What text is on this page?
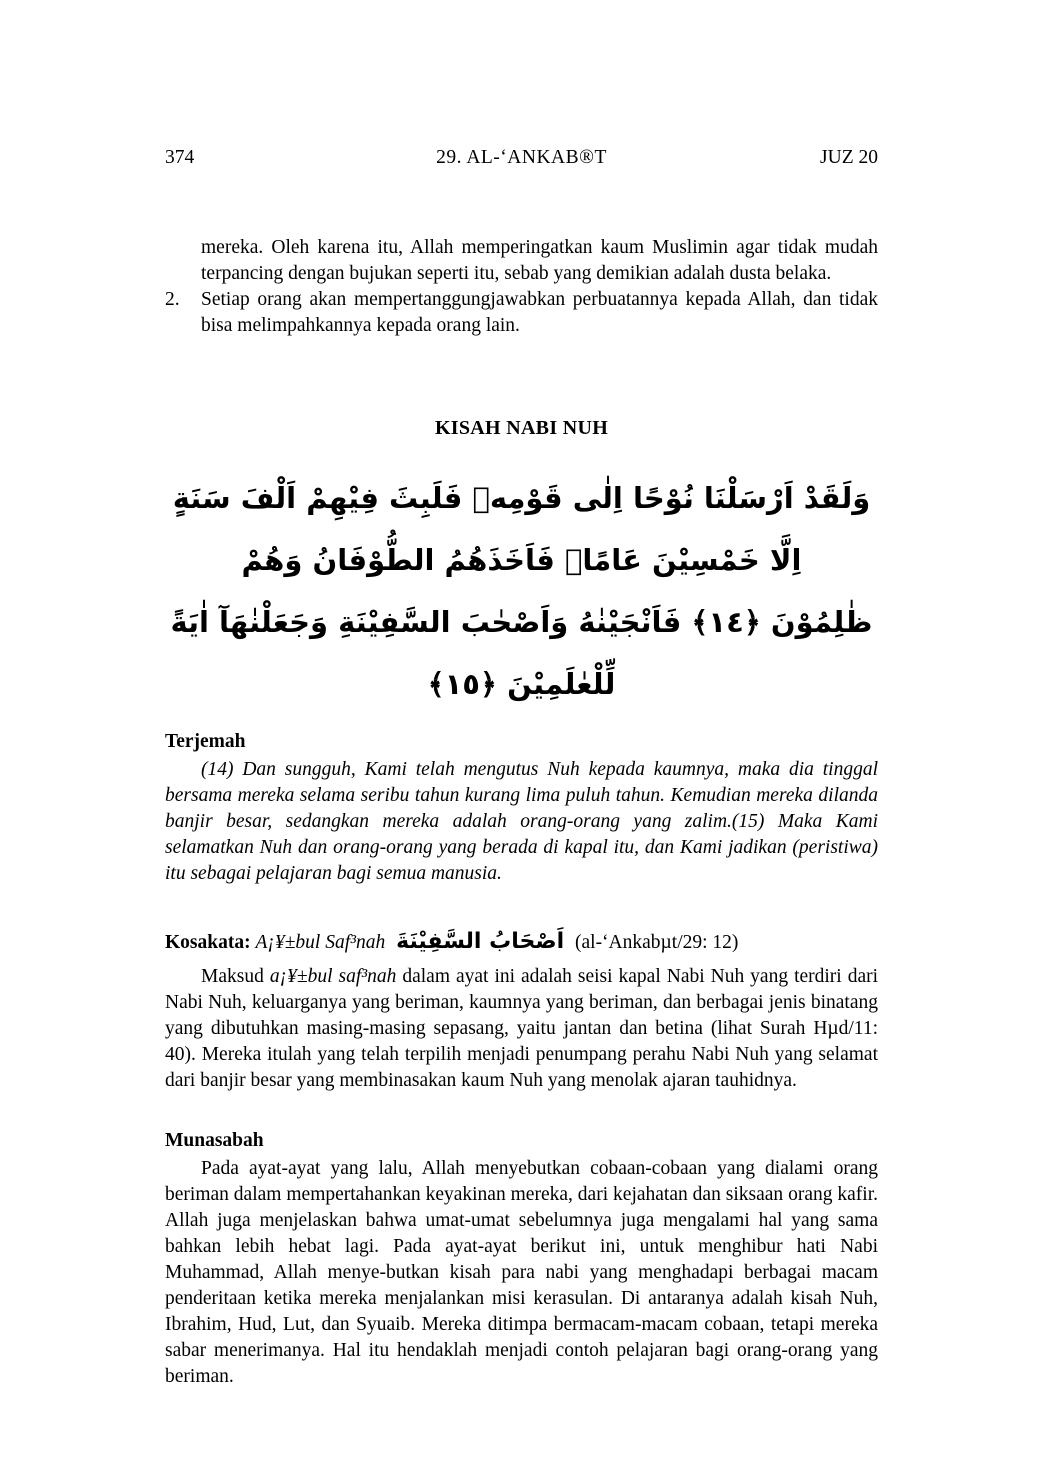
374	29. AL-‘ANKAB®T	JUZ 20
mereka. Oleh karena itu, Allah memperingatkan kaum Muslimin agar tidak mudah terpancing dengan bujukan seperti itu, sebab yang demikian adalah dusta belaka.
2. Setiap orang akan mempertanggungjawabkan perbuatannya kepada Allah, dan tidak bisa melimpahkannya kepada orang lain.
KISAH NABI NUH
وَلَقَدْ اَرْسَلْنَا نُوْحًا اِلٰى قَوْمِهٖ فَلَبِثَ فِيْهِمْ اَلْفَ سَنَةٍ اِلَّا خَمْسِيْنَ عَامًاۗ فَاَخَذَهُمُ الطُّوْفَانُ وَهُمْ
ظٰلِمُوْنَ ﴿١٤﴾ فَاَنْجَيْنٰهُ وَاَصْحٰبَ السَّفِيْنَةِ وَجَعَلْنٰهَآ اٰيَةً لِّلْعٰلَمِيْنَ ﴿١٥﴾
Terjemah

(14) Dan sungguh, Kami telah mengutus Nuh kepada kaumnya, maka dia tinggal bersama mereka selama seribu tahun kurang lima puluh tahun. Kemudian mereka dilanda banjir besar, sedangkan mereka adalah orang-orang yang zalim.(15) Maka Kami selamatkan Nuh dan orang-orang yang berada di kapal itu, dan Kami jadikan (peristiwa) itu sebagai pelajaran bagi semua manusia.

Kosakata: A¡¥±bul Saf³nah اَصْحَابُ السَّفِيْنَةَ (al-‘Ankabµt/29: 12)

Maksud a¡¥±bul saf³nah dalam ayat ini adalah seisi kapal Nabi Nuh yang terdiri dari Nabi Nuh, keluarganya yang beriman, kaumnya yang beriman, dan berbagai jenis binatang yang dibutuhkan masing-masing sepasang, yaitu jantan dan betina (lihat Surah Hµd/11: 40). Mereka itulah yang telah terpilih menjadi penumpang perahu Nabi Nuh yang selamat dari banjir besar yang membinasakan kaum Nuh yang menolak ajaran tauhidnya.

Munasabah

Pada ayat-ayat yang lalu, Allah menyebutkan cobaan-cobaan yang dialami orang beriman dalam mempertahankan keyakinan mereka, dari kejahatan dan siksaan orang kafir. Allah juga menjelaskan bahwa umat-umat sebelumnya juga mengalami hal yang sama bahkan lebih hebat lagi. Pada ayat-ayat berikut ini, untuk menghibur hati Nabi Muhammad, Allah menye-butkan kisah para nabi yang menghadapi berbagai macam penderitaan ketika mereka menjalankan misi kerasulan. Di antaranya adalah kisah Nuh, Ibrahim, Hud, Lut, dan Syuaib. Mereka ditimpa bermacam-macam cobaan, tetapi mereka sabar menerimanya. Hal itu hendaklah menjadi contoh pelajaran bagi orang-orang yang beriman.
